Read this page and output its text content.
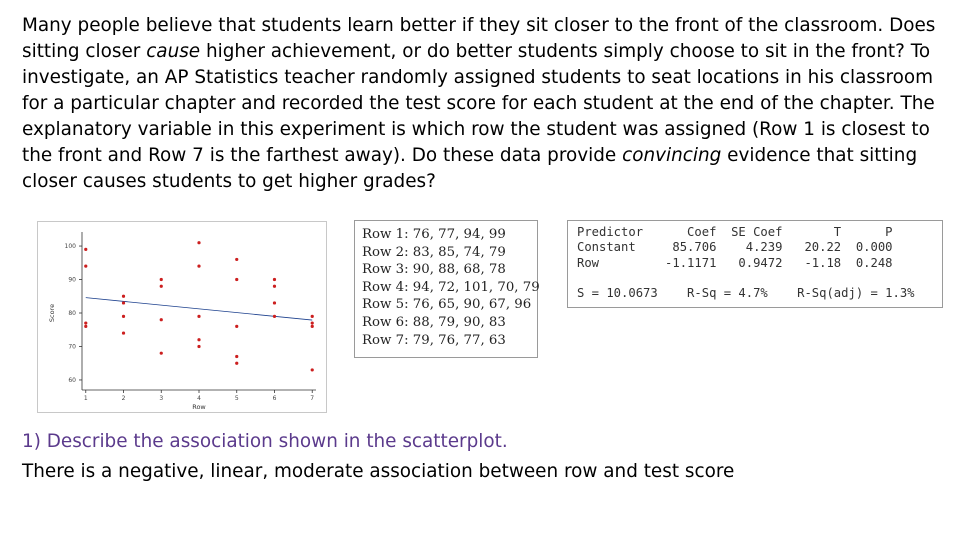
Many people believe that students learn better if they sit closer to the front of the classroom. Does sitting closer cause higher achievement, or do better students simply choose to sit in the front? To investigate, an AP Statistics teacher randomly assigned students to seat locations in his classroom for a particular chapter and recorded the test score for each student at the end of the chapter. The explanatory variable in this experiment is which row the student was assigned (Row 1 is closest to the front and Row 7 is the farthest away). Do these data provide convincing evidence that sitting closer causes students to get higher grades?

100
90
80
70
60
1	2	3	4	5	6	7
Row
Score
Row 1: 76, 77, 94, 99
Row 2: 83, 85, 74, 79
Row 3: 90, 88, 68, 78
Row 4: 94, 72, 101, 70, 79
Row 5: 76, 65, 90, 67, 96
Row 6: 88, 79, 90, 83
Row 7: 79, 76, 77, 63
Predictor      Coef  SE Coef       T      P
Constant     85.706    4.239   20.22  0.000
Row         -1.1171   0.9472   -1.18  0.248
S = 10.0673    R-Sq = 4.7%    R-Sq(adj) = 1.3%

1) Describe the association shown in the scatterplot.

There is a negative, linear, moderate association between row and test score
